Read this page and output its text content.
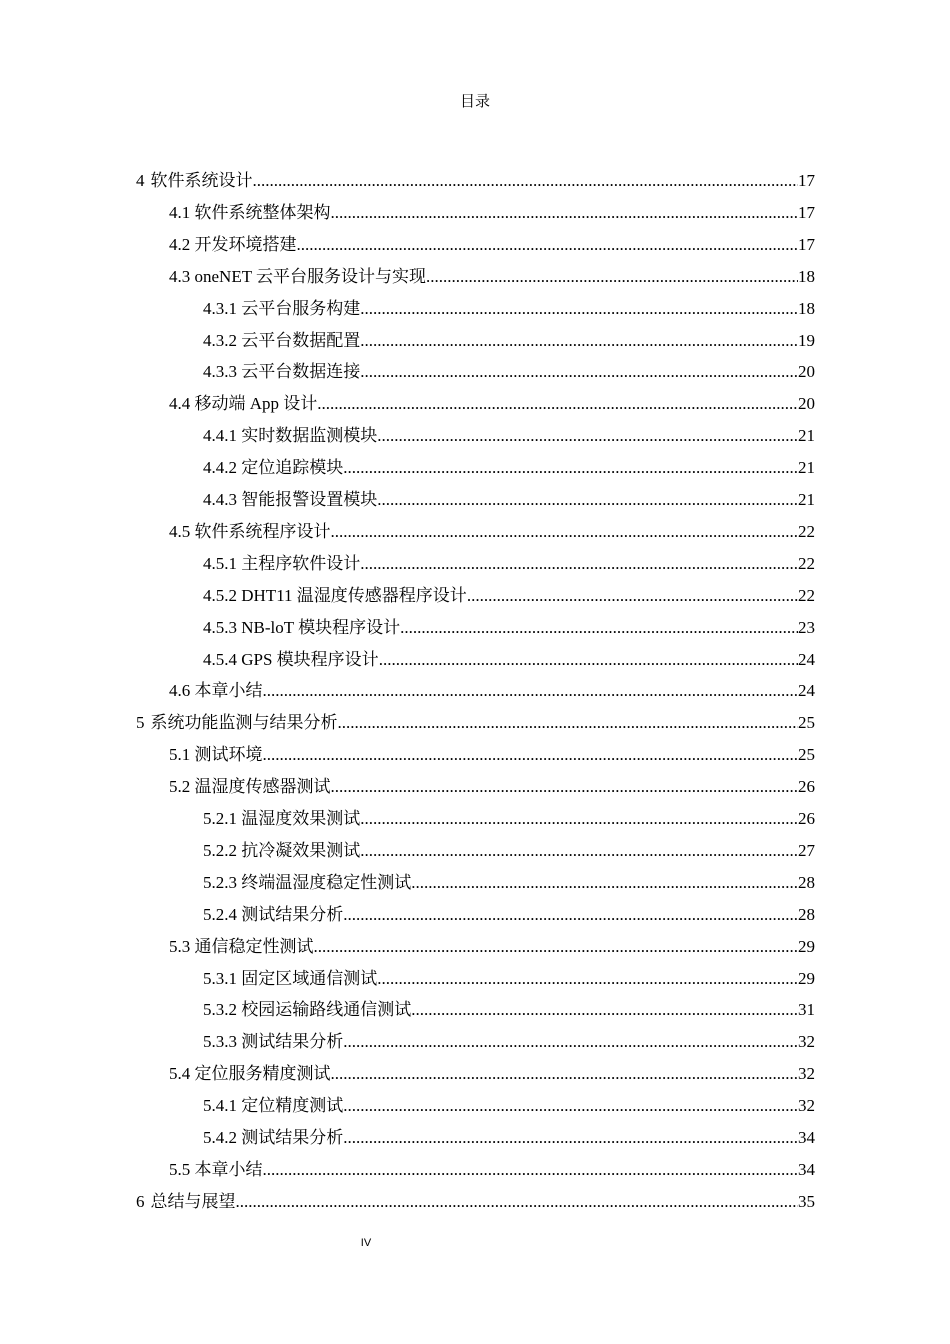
目录
4 软件系统设计 .....	17
4.1 软件系统整体架构 .....	17
4.2 开发环境搭建 .....	17
4.3 oneNET 云平台服务设计与实现 .....	18
4.3.1 云平台服务构建 .....	18
4.3.2 云平台数据配置 .....	19
4.3.3 云平台数据连接 .....	20
4.4 移动端 App 设计 .....	20
4.4.1 实时数据监测模块 .....	21
4.4.2 定位追踪模块 .....	21
4.4.3 智能报警设置模块 .....	21
4.5 软件系统程序设计 .....	22
4.5.1 主程序软件设计 .....	22
4.5.2 DHT11 温湿度传感器程序设计 .....	22
4.5.3 NB-loT 模块程序设计 .....	23
4.5.4 GPS 模块程序设计 .....	24
4.6 本章小结 .....	24
5 系统功能监测与结果分析 .....	25
5.1 测试环境 .....	25
5.2 温湿度传感器测试 .....	26
5.2.1 温湿度效果测试 .....	26
5.2.2 抗冷凝效果测试 .....	27
5.2.3 终端温湿度稳定性测试 .....	28
5.2.4 测试结果分析 .....	28
5.3 通信稳定性测试 .....	29
5.3.1 固定区域通信测试 .....	29
5.3.2 校园运输路线通信测试 .....	31
5.3.3 测试结果分析 .....	32
5.4 定位服务精度测试 .....	32
5.4.1 定位精度测试 .....	32
5.4.2 测试结果分析 .....	34
5.5 本章小结 .....	34
6 总结与展望 .....	35
IV
